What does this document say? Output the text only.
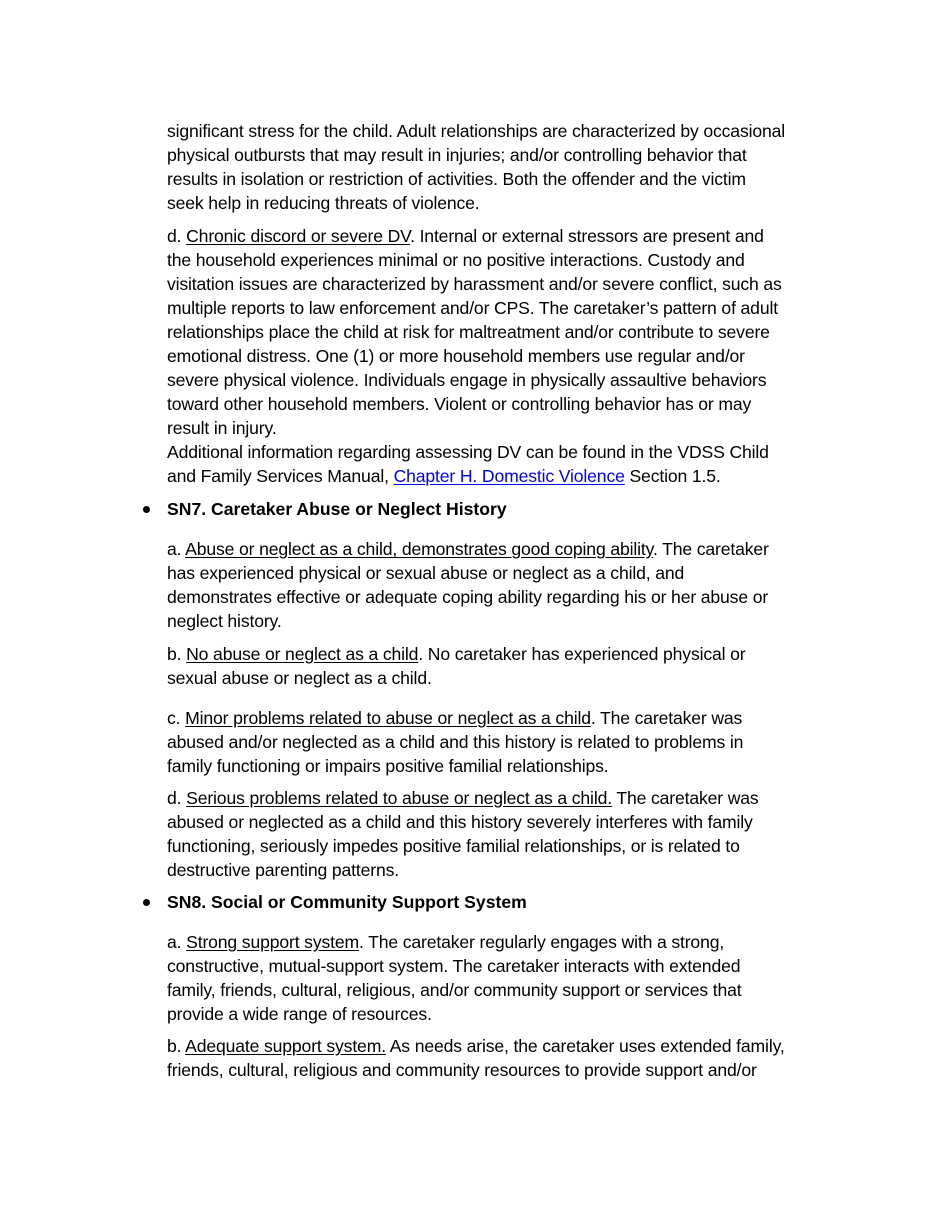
significant stress for the child. Adult relationships are characterized by occasional
physical outbursts that may result in injuries; and/or controlling behavior that
results in isolation or restriction of activities. Both the offender and the victim
seek help in reducing threats of violence.
d. Chronic discord or severe DV. Internal or external stressors are present and
the household experiences minimal or no positive interactions. Custody and
visitation issues are characterized by harassment and/or severe conflict, such as
multiple reports to law enforcement and/or CPS. The caretaker’s pattern of adult
relationships place the child at risk for maltreatment and/or contribute to severe
emotional distress. One (1) or more household members use regular and/or
severe physical violence. Individuals engage in physically assaultive behaviors
toward other household members. Violent or controlling behavior has or may
result in injury.
Additional information regarding assessing DV can be found in the VDSS Child
and Family Services Manual, Chapter H. Domestic Violence Section 1.5.
SN7. Caretaker Abuse or Neglect History
a. Abuse or neglect as a child, demonstrates good coping ability. The caretaker
has experienced physical or sexual abuse or neglect as a child, and
demonstrates effective or adequate coping ability regarding his or her abuse or
neglect history.
b. No abuse or neglect as a child. No caretaker has experienced physical or
sexual abuse or neglect as a child.
c. Minor problems related to abuse or neglect as a child. The caretaker was
abused and/or neglected as a child and this history is related to problems in
family functioning or impairs positive familial relationships.
d. Serious problems related to abuse or neglect as a child. The caretaker was
abused or neglected as a child and this history severely interferes with family
functioning, seriously impedes positive familial relationships, or is related to
destructive parenting patterns.
SN8. Social or Community Support System
a. Strong support system. The caretaker regularly engages with a strong,
constructive, mutual-support system. The caretaker interacts with extended
family, friends, cultural, religious, and/or community support or services that
provide a wide range of resources.
b. Adequate support system. As needs arise, the caretaker uses extended family,
friends, cultural, religious and community resources to provide support and/or
